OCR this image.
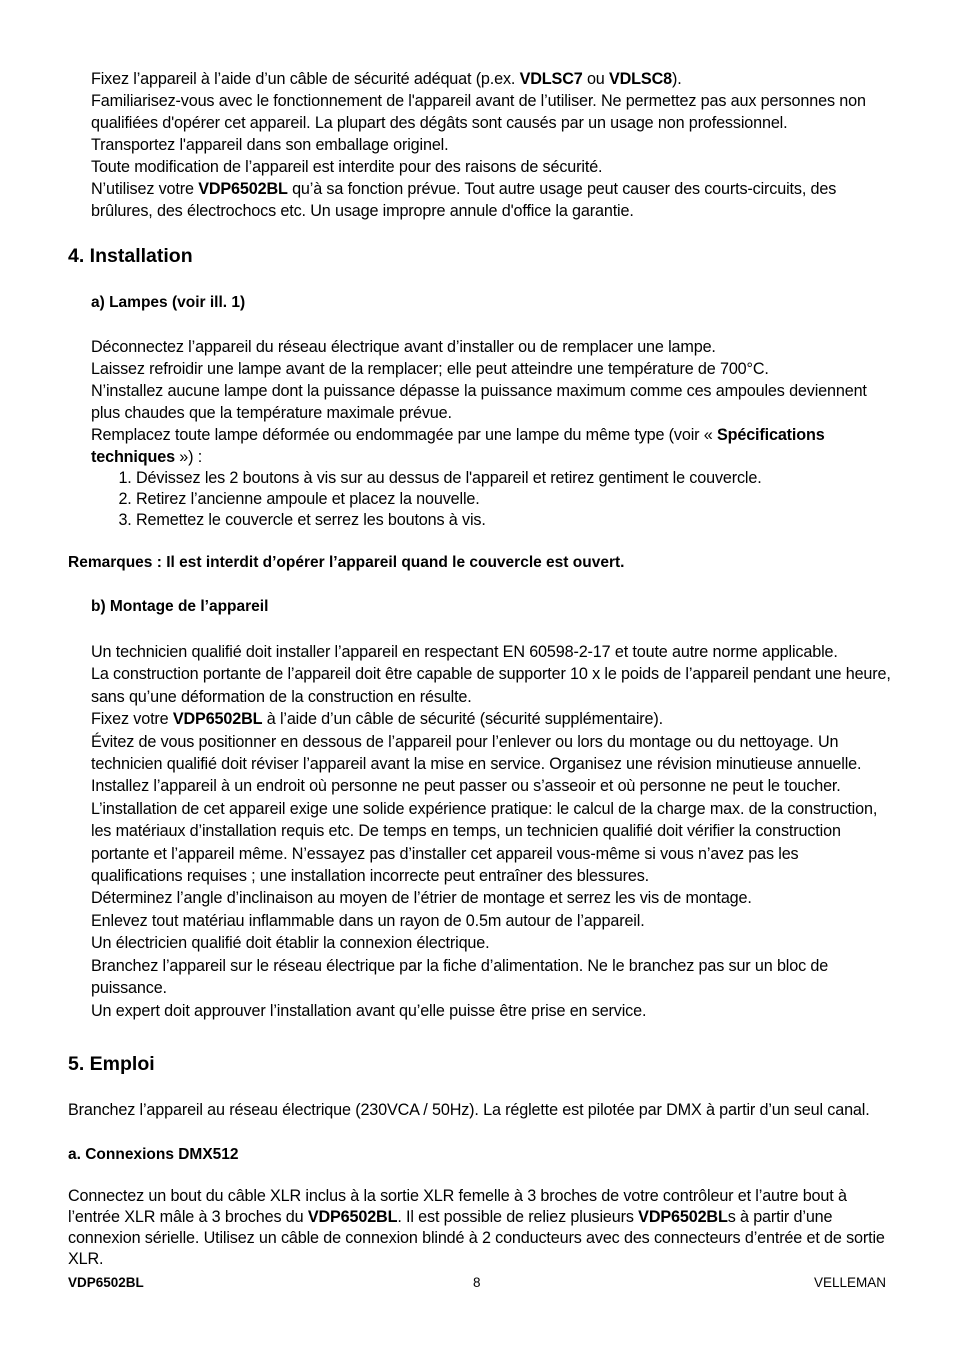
Fixez l’appareil à l’aide d’un câble de sécurité adéquat (p.ex. VDLSC7 ou VDLSC8).

Familiarisez-vous avec le fonctionnement de l'appareil avant de l’utiliser. Ne permettez pas aux personnes non qualifiées d'opérer cet appareil. La plupart des dégâts sont causés par un usage non professionnel.

Transportez l'appareil dans son emballage originel.

Toute modification de l’appareil est interdite pour des raisons de sécurité.

N’utilisez votre VDP6502BL qu’à sa fonction prévue. Tout autre usage peut causer des courts-circuits, des brûlures, des électrochocs etc. Un usage impropre annule d'office la garantie.

4. Installation
a) Lampes (voir ill. 1)

Déconnectez l’appareil du réseau électrique avant d’installer ou de remplacer une lampe.

Laissez refroidir une lampe avant de la remplacer; elle peut atteindre une température de 700°C.

N’installez aucune lampe dont la puissance dépasse la puissance maximum comme ces ampoules deviennent plus chaudes que la température maximale prévue.

Remplacez toute lampe déformée ou endommagée par une lampe du même type (voir « Spécifications techniques ») :

1. Dévissez les 2 boutons à vis sur au dessus de l'appareil et retirez gentiment le couvercle.
2. Retirez l’ancienne ampoule et placez la nouvelle.
3. Remettez le couvercle et serrez les boutons à vis.

Remarques : Il est interdit d’opérer l’appareil quand le couvercle est ouvert.

b) Montage de l’appareil

Un technicien qualifié doit installer l’appareil en respectant EN 60598-2-17 et toute autre norme applicable.

La construction portante de l’appareil doit être capable de supporter 10 x le poids de l’appareil pendant une heure, sans qu’une déformation de la construction en résulte.

Fixez votre VDP6502BL à l’aide d’un câble de sécurité (sécurité supplémentaire).

Évitez de vous positionner en dessous de l’appareil pour l’enlever ou lors du montage ou du nettoyage. Un technicien qualifié doit réviser l’appareil avant la mise en service. Organisez une révision minutieuse annuelle.

Installez l’appareil à un endroit où personne ne peut passer ou s’asseoir et où personne ne peut le toucher.

L’installation de cet appareil exige une solide expérience pratique: le calcul de la charge max. de la construction, les matériaux d’installation requis etc. De temps en temps, un technicien qualifié doit vérifier la construction portante et l’appareil même. N’essayez pas d’installer cet appareil vous-même si vous n’avez pas les qualifications requises ; une installation incorrecte peut entraîner des blessures.

Déterminez l’angle d’inclinaison au moyen de l’étrier de montage et serrez les vis de montage.

Enlevez tout matériau inflammable dans un rayon de 0.5m autour de l’appareil.

Un électricien qualifié doit établir la connexion électrique.

Branchez l’appareil sur le réseau électrique par la fiche d’alimentation. Ne le branchez pas sur un bloc de puissance.

Un expert doit approuver l’installation avant qu’elle puisse être prise en service.

5. Emploi

Branchez l’appareil au réseau électrique (230VCA / 50Hz). La réglette est pilotée par DMX à partir d’un seul canal.

a. Connexions DMX512

Connectez un bout du câble XLR inclus à la sortie XLR femelle à 3 broches de votre contrôleur et l’autre bout à l’entrée XLR mâle à 3 broches du VDP6502BL. Il est possible de reliez plusieurs VDP6502BLs à partir d’une connexion sérielle. Utilisez un câble de connexion blindé à 2 conducteurs avec des connecteurs d’entrée et de sortie XLR.

VDP6502BL	8	VELLEMAN
